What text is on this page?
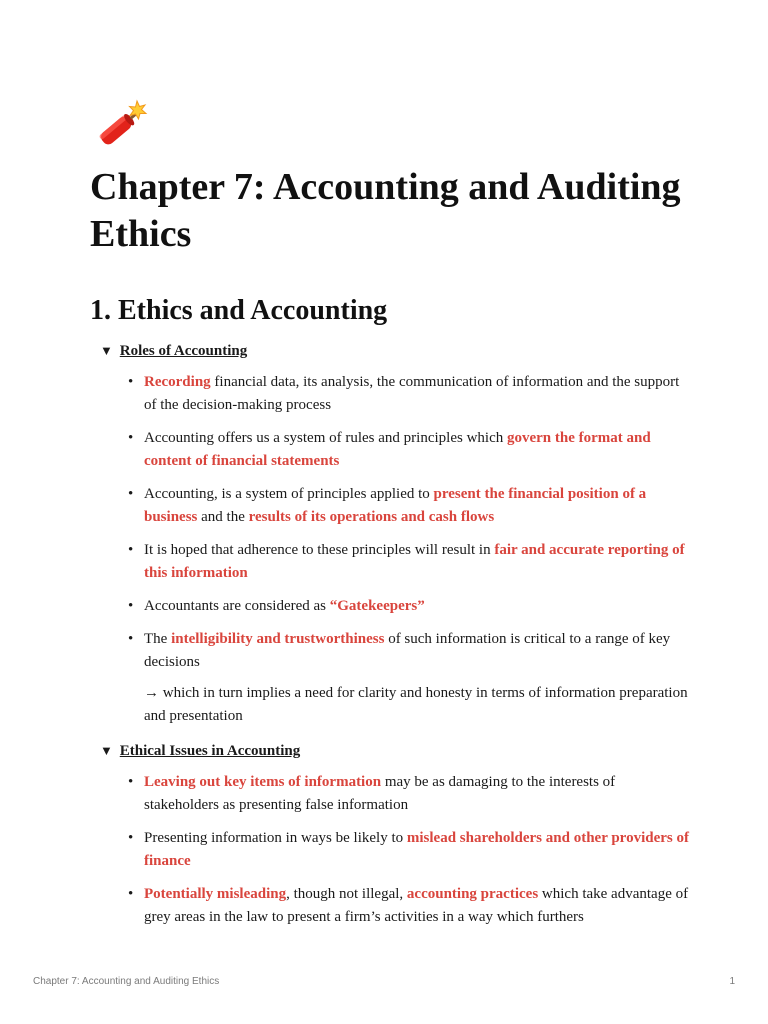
Chapter 7: Accounting and Auditing Ethics
1. Ethics and Accounting
▼ Roles of Accounting
• Recording financial data, its analysis, the communication of information and the support of the decision-making process
• Accounting offers us a system of rules and principles which govern the format and content of financial statements
• Accounting, is a system of principles applied to present the financial position of a business and the results of its operations and cash flows
• It is hoped that adherence to these principles will result in fair and accurate reporting of this information
• Accountants are considered as “Gatekeepers”
• The intelligibility and trustworthiness of such information is critical to a range of key decisions
→ which in turn implies a need for clarity and honesty in terms of information preparation and presentation
▼ Ethical Issues in Accounting
• Leaving out key items of information may be as damaging to the interests of stakeholders as presenting false information
• Presenting information in ways be likely to mislead shareholders and other providers of finance
• Potentially misleading, though not illegal, accounting practices which take advantage of grey areas in the law to present a firm’s activities in a way which furthers
Chapter 7: Accounting and Auditing Ethics	1
